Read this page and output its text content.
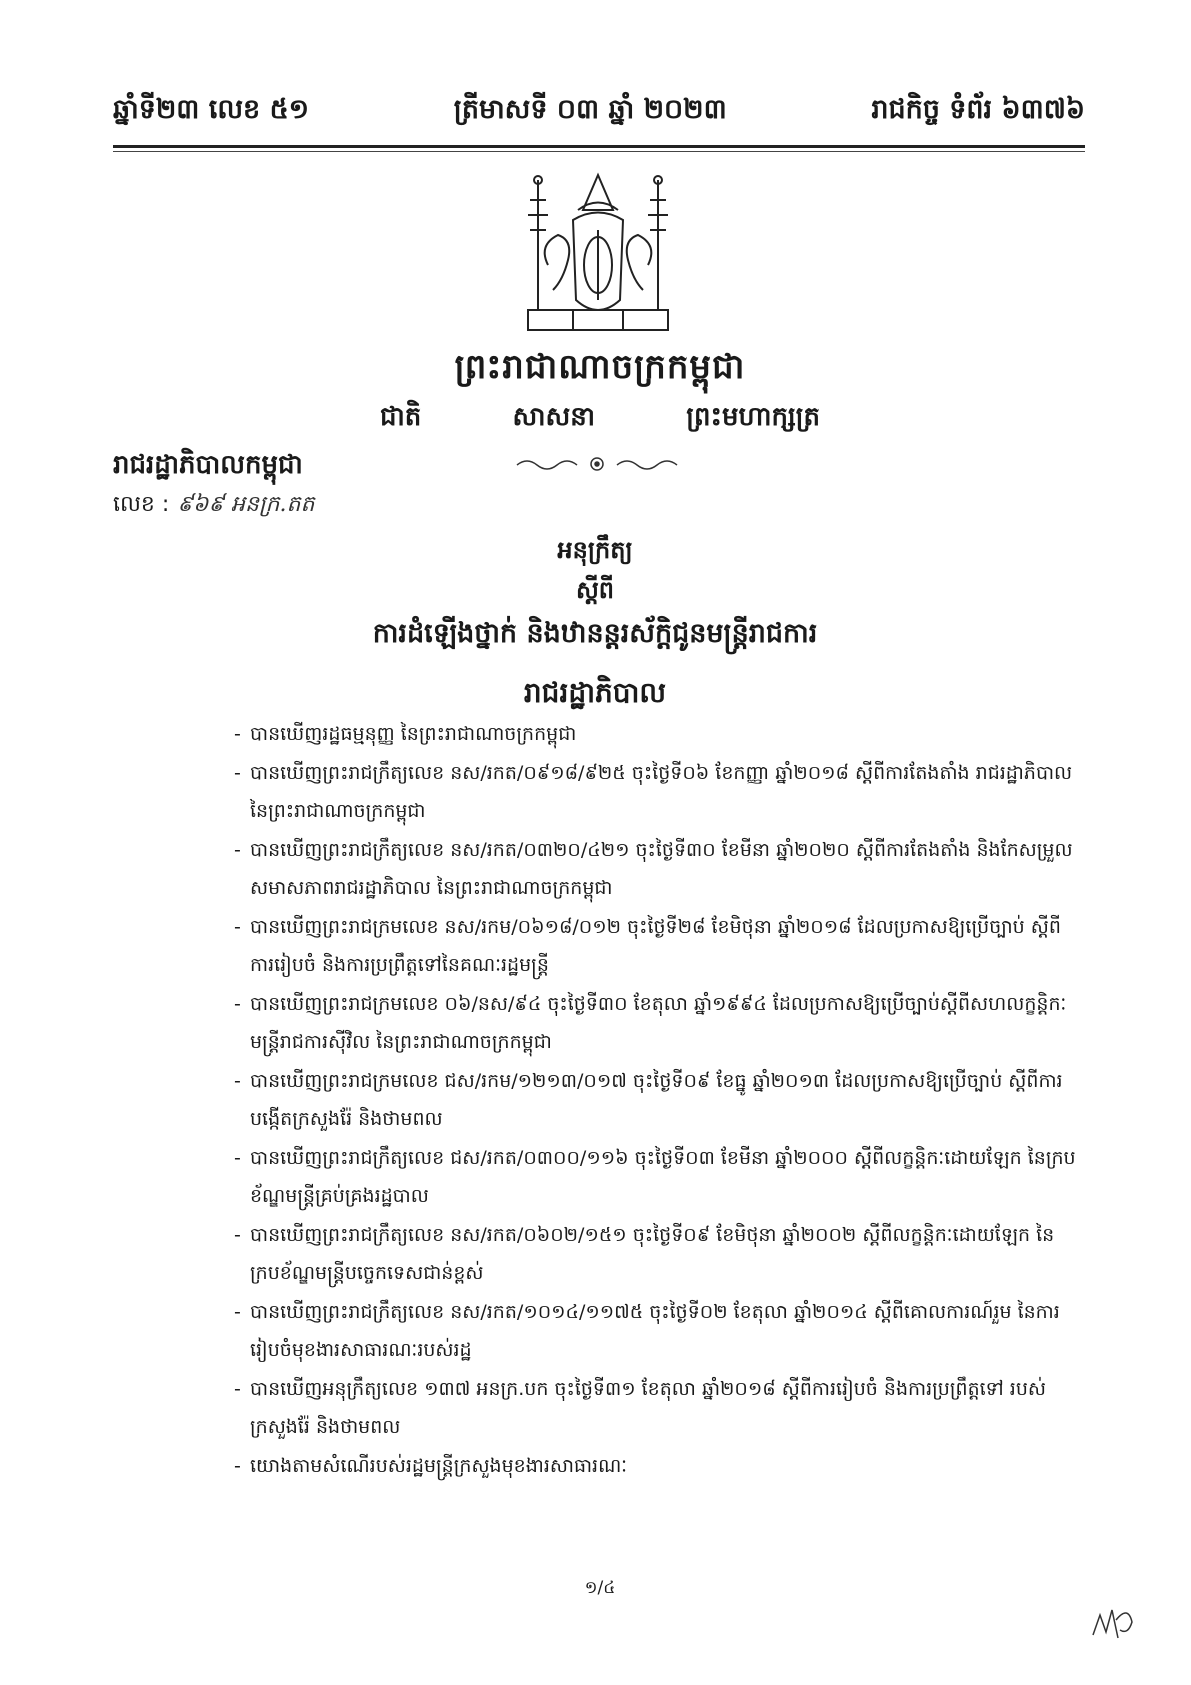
ឆ្នាំទី២៣ លេខ ៥១	ត្រីមាសទី ០៣ ឆ្នាំ ២០២៣	រាជកិច្ច ទំព័រ ៦៣៧៦
ព្រះរាជាណាចក្រកម្ពុជា
ជាតិ	សាសនា	ព្រះមហាក្សត្រ
រាជរដ្ឋាភិបាលកម្ពុជា
លេខ : ៩៦៩ អនក្រ.តត
អនុក្រឹត្យ
ស្តីពី
ការដំឡើងថ្នាក់ និងឋានន្តរស័ក្តិជូនមន្ត្រីរាជការ
រាជរដ្ឋាភិបាល
- បានឃើញរដ្ឋធម្មនុញ្ញ នៃព្រះរាជាណាចក្រកម្ពុជា
- បានឃើញព្រះរាជក្រឹត្យលេខ នស/រកត/០៩១៨/៩២៥ ចុះថ្ងៃទី០៦ ខែកញ្ញា ឆ្នាំ២០១៨ ស្តីពីការតែងតាំង រាជរដ្ឋាភិបាល នៃព្រះរាជាណាចក្រកម្ពុជា
- បានឃើញព្រះរាជក្រឹត្យលេខ នស/រកត/០៣២០/៤២១ ចុះថ្ងៃទី៣០ ខែមីនា ឆ្នាំ២០២០ ស្តីពីការតែងតាំង និងកែសម្រួលសមាសភាពរាជរដ្ឋាភិបាល នៃព្រះរាជាណាចក្រកម្ពុជា
- បានឃើញព្រះរាជក្រមលេខ នស/រកម/០៦១៨/០១២ ចុះថ្ងៃទី២៨ ខែមិថុនា ឆ្នាំ២០១៨ ដែលប្រកាសឱ្យប្រើច្បាប់ ស្តីពីការរៀបចំ និងការប្រព្រឹត្តទៅនៃគណៈរដ្ឋមន្ត្រី
- បានឃើញព្រះរាជក្រមលេខ ០៦/នស/៩៤ ចុះថ្ងៃទី៣០ ខែតុលា ឆ្នាំ១៩៩៤ ដែលប្រកាសឱ្យប្រើច្បាប់ស្តីពីសហលក្ខន្តិកៈ មន្ត្រីរាជការស៊ីវិល នៃព្រះរាជាណាចក្រកម្ពុជា
- បានឃើញព្រះរាជក្រមលេខ ជស/រកម/១២១៣/០១៧ ចុះថ្ងៃទី០៩ ខែធ្នូ ឆ្នាំ២០១៣ ដែលប្រកាសឱ្យប្រើច្បាប់ ស្តីពីការបង្កើតក្រសួងរ៉ែ និងថាមពល
- បានឃើញព្រះរាជក្រឹត្យលេខ ជស/រកត/០៣០០/១១៦ ចុះថ្ងៃទី០៣ ខែមីនា ឆ្នាំ២០០០ ស្តីពីលក្ខន្តិកៈដោយឡែក នៃក្របខ័ណ្ឌមន្ត្រីគ្រប់គ្រងរដ្ឋបាល
- បានឃើញព្រះរាជក្រឹត្យលេខ នស/រកត/០៦០២/១៥១ ចុះថ្ងៃទី០៩ ខែមិថុនា ឆ្នាំ២០០២ ស្តីពីលក្ខន្តិកៈដោយឡែក នៃក្របខ័ណ្ឌមន្ត្រីបច្ចេកទេសជាន់ខ្ពស់
- បានឃើញព្រះរាជក្រឹត្យលេខ នស/រកត/១០១៤/១១៧៥ ចុះថ្ងៃទី០២ ខែតុលា ឆ្នាំ២០១៤ ស្តីពីគោលការណ៍រួម នៃការរៀបចំមុខងារសាធារណៈរបស់រដ្ឋ
- បានឃើញអនុក្រឹត្យលេខ ១៣៧ អនក្រ.បក ចុះថ្ងៃទី៣១ ខែតុលា ឆ្នាំ២០១៨ ស្តីពីការរៀបចំ និងការប្រព្រឹត្តទៅ របស់ក្រសួងរ៉ែ និងថាមពល
- យោងតាមសំណើរបស់រដ្ឋមន្ត្រីក្រសួងមុខងារសាធារណៈ
១/៤
